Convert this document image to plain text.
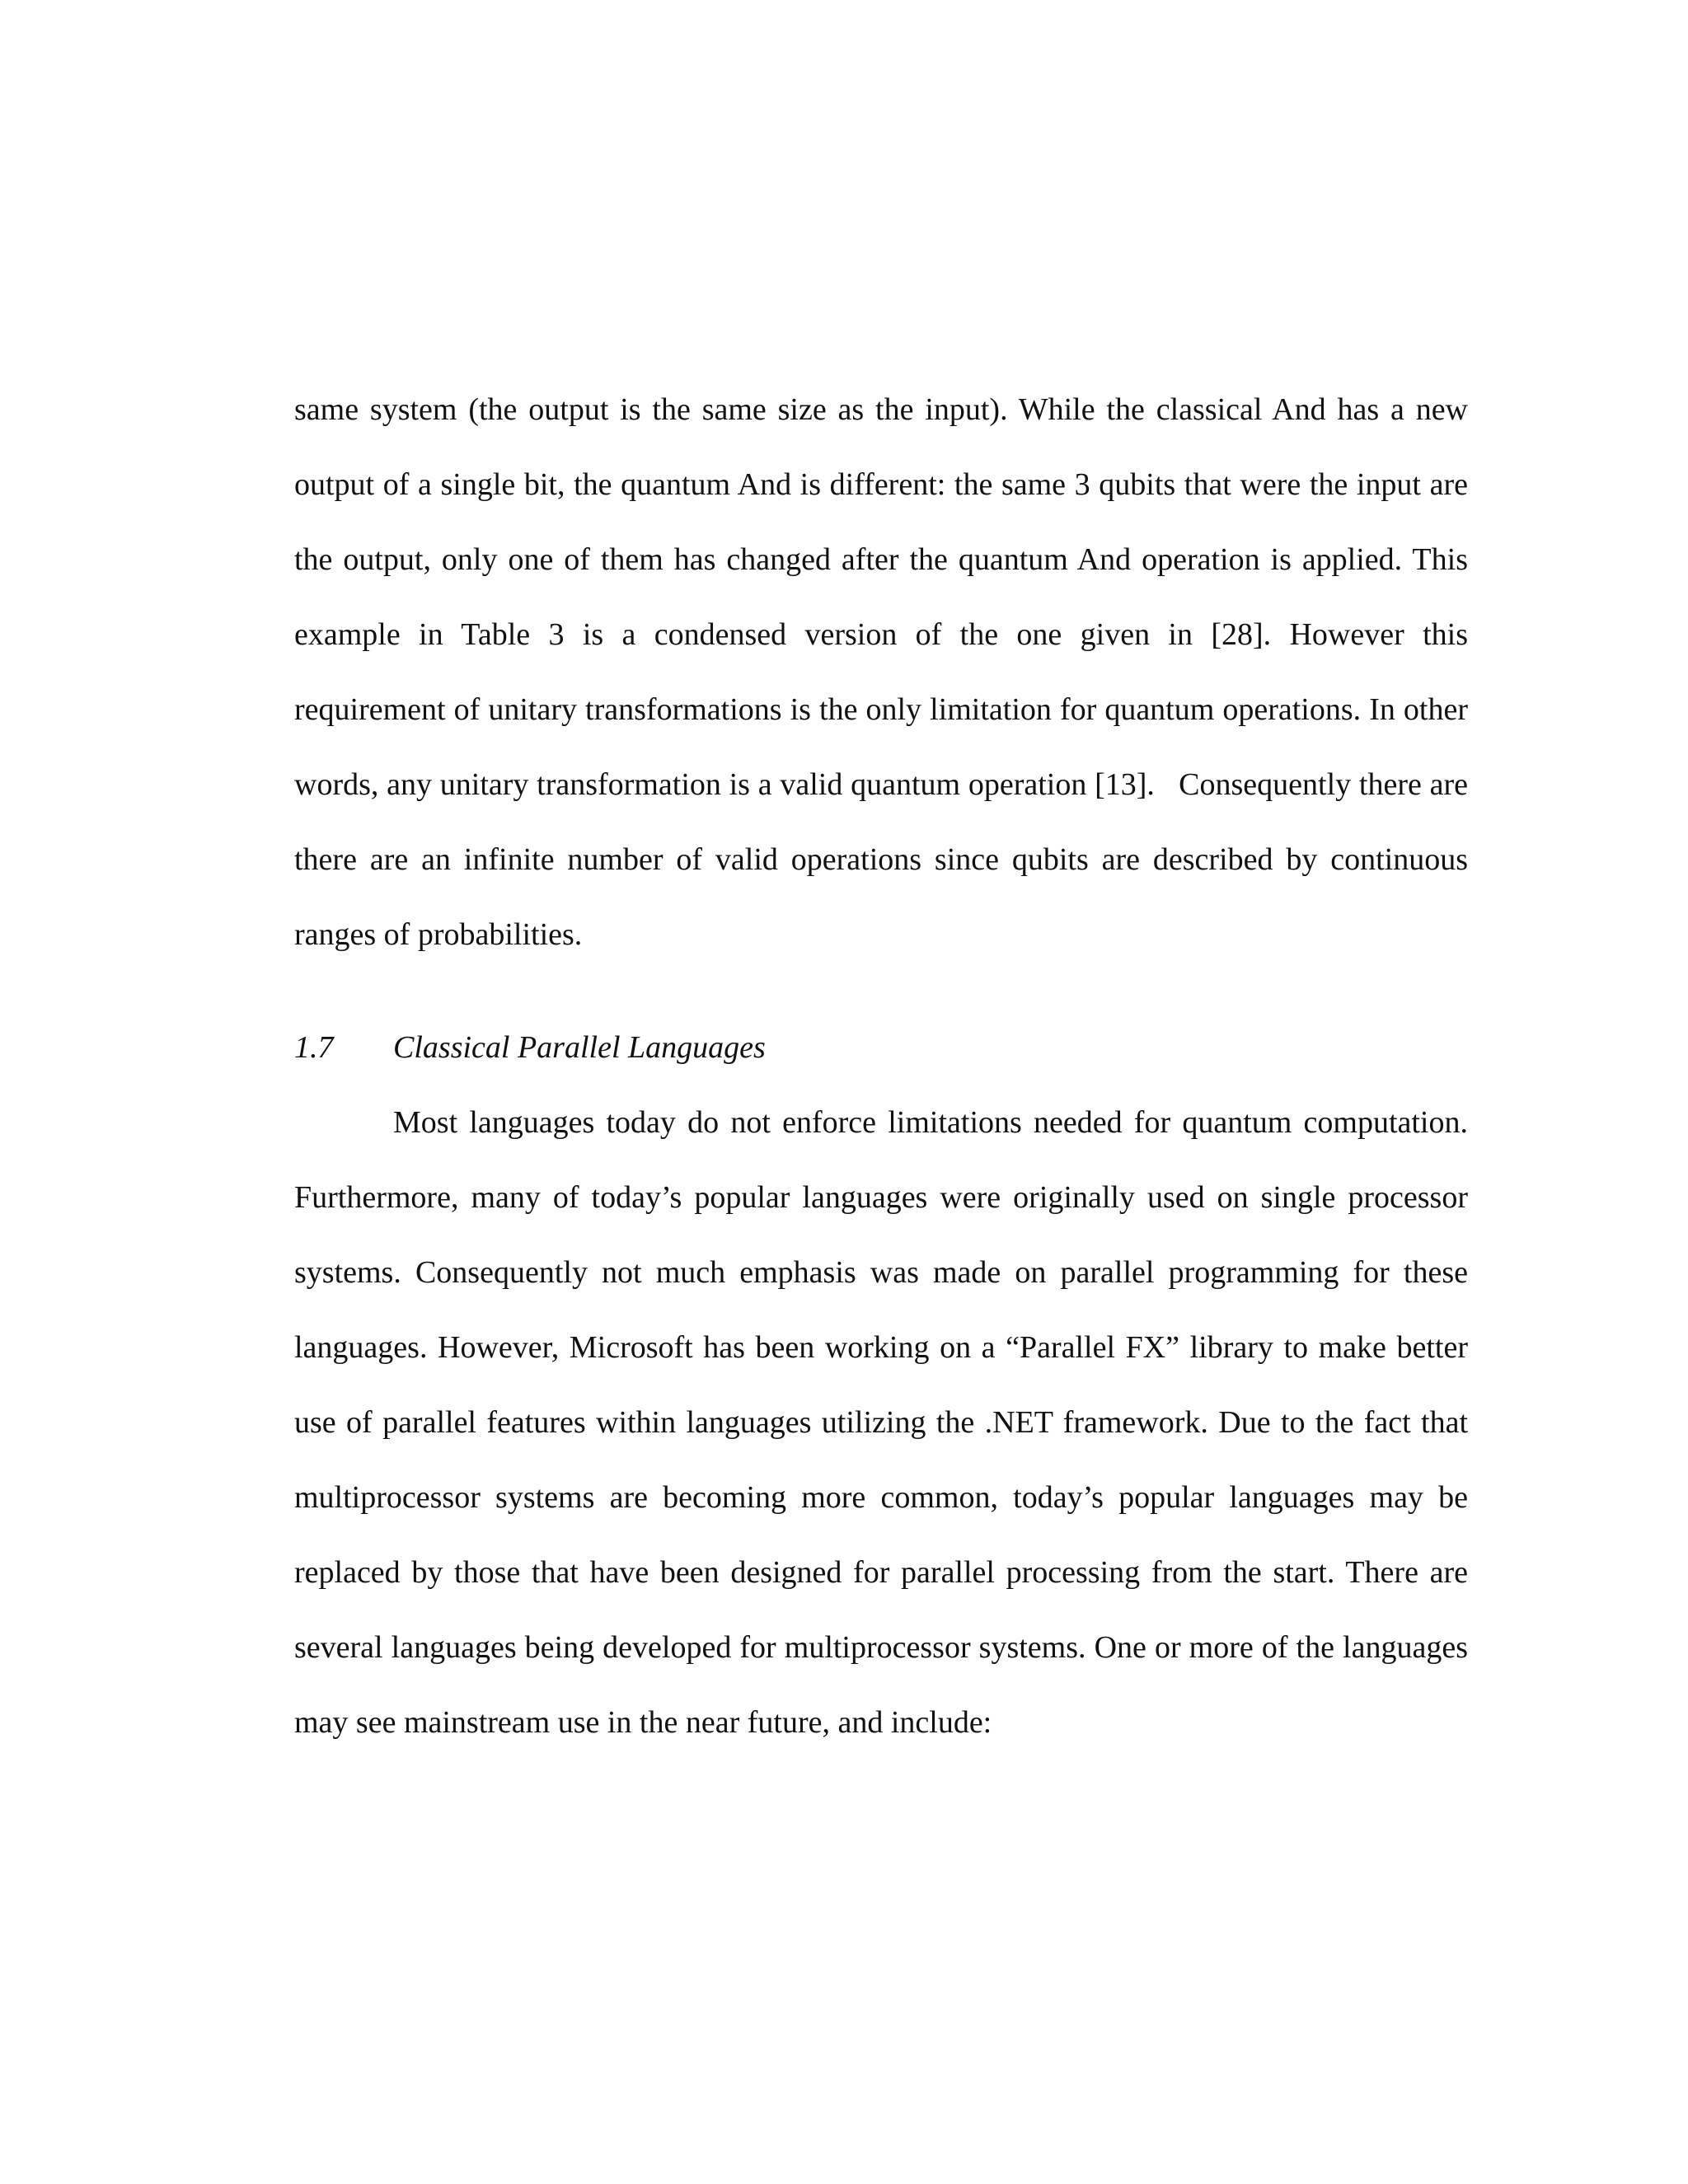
same system (the output is the same size as the input). While the classical And has a new output of a single bit, the quantum And is different: the same 3 qubits that were the input are the output, only one of them has changed after the quantum And operation is applied. This example in Table 3 is a condensed version of the one given in [28]. However this requirement of unitary transformations is the only limitation for quantum operations. In other words, any unitary transformation is a valid quantum operation [13].   Consequently there are there are an infinite number of valid operations since qubits are described by continuous ranges of probabilities.
1.7 Classical Parallel Languages
Most languages today do not enforce limitations needed for quantum computation. Furthermore, many of today’s popular languages were originally used on single processor systems. Consequently not much emphasis was made on parallel programming for these languages. However, Microsoft has been working on a “Parallel FX” library to make better use of parallel features within languages utilizing the .NET framework. Due to the fact that multiprocessor systems are becoming more common, today’s popular languages may be replaced by those that have been designed for parallel processing from the start. There are several languages being developed for multiprocessor systems. One or more of the languages may see mainstream use in the near future, and include:
